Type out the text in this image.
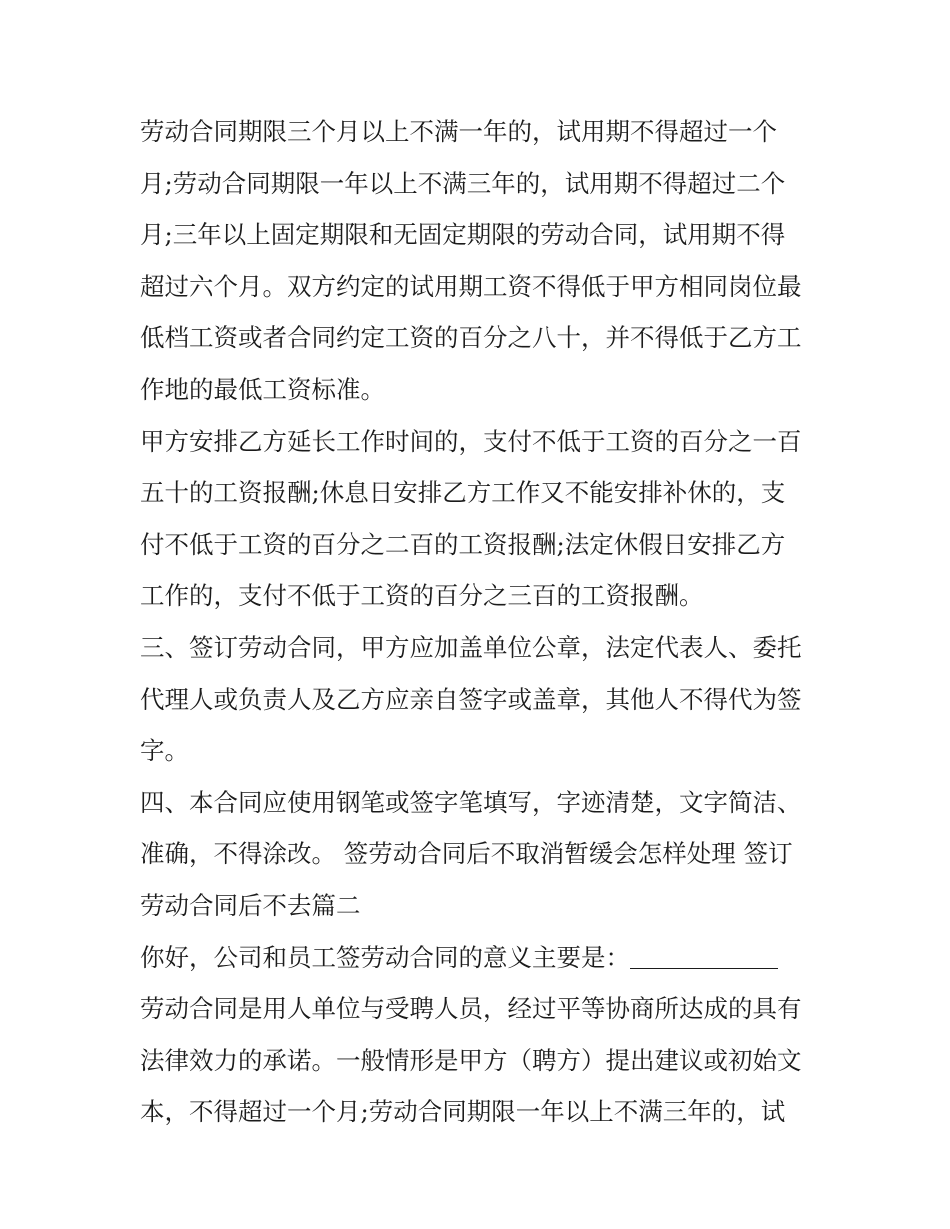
劳动合同期限三个月以上不满一年的，试用期不得超过一个
月;劳动合同期限一年以上不满三年的，试用期不得超过二个
月;三年以上固定期限和无固定期限的劳动合同，试用期不得
超过六个月。双方约定的试用期工资不得低于甲方相同岗位最
低档工资或者合同约定工资的百分之八十，并不得低于乙方工
作地的最低工资标准。
甲方安排乙方延长工作时间的，支付不低于工资的百分之一百
五十的工资报酬;休息日安排乙方工作又不能安排补休的，支
付不低于工资的百分之二百的工资报酬;法定休假日安排乙方
工作的，支付不低于工资的百分之三百的工资报酬。
三、签订劳动合同，甲方应加盖单位公章，法定代表人、委托
代理人或负责人及乙方应亲自签字或盖章，其他人不得代为签
字。
四、本合同应使用钢笔或签字笔填写，字迹清楚，文字简洁、
准确，不得涂改。 签劳动合同后不取消暂缓会怎样处理 签订
劳动合同后不去篇二
你好，公司和员工签劳动合同的意义主要是：
劳动合同是用人单位与受聘人员，经过平等协商所达成的具有
法律效力的承诺。一般情形是甲方（聘方）提出建议或初始文
本，不得超过一个月;劳动合同期限一年以上不满三年的，试
